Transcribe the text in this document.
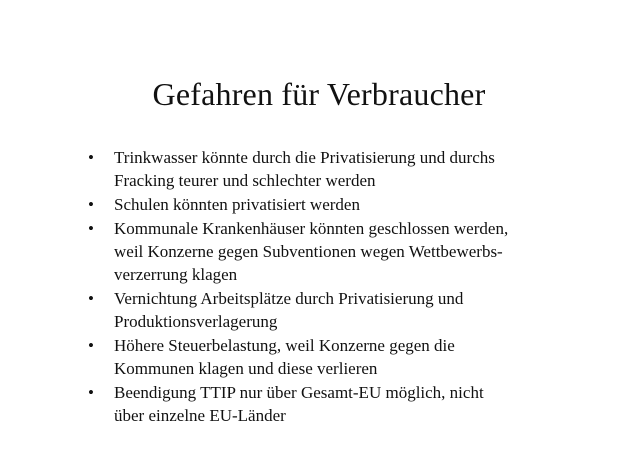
Gefahren für Verbraucher
•	Trinkwasser könnte durch die Privatisierung und durchs
Fracking teurer und schlechter werden
•	Schulen könnten privatisiert werden
•	Kommunale Krankenhäuser könnten geschlossen werden,
weil Konzerne gegen Subventionen wegen Wettbewerbs-
verzerrung klagen
•	Vernichtung Arbeitsplätze durch Privatisierung und
Produktionsverlagerung
•	Höhere Steuerbelastung, weil Konzerne gegen die
Kommunen klagen und diese verlieren
•	Beendigung TTIP nur über Gesamt-EU möglich, nicht
über einzelne EU-Länder
